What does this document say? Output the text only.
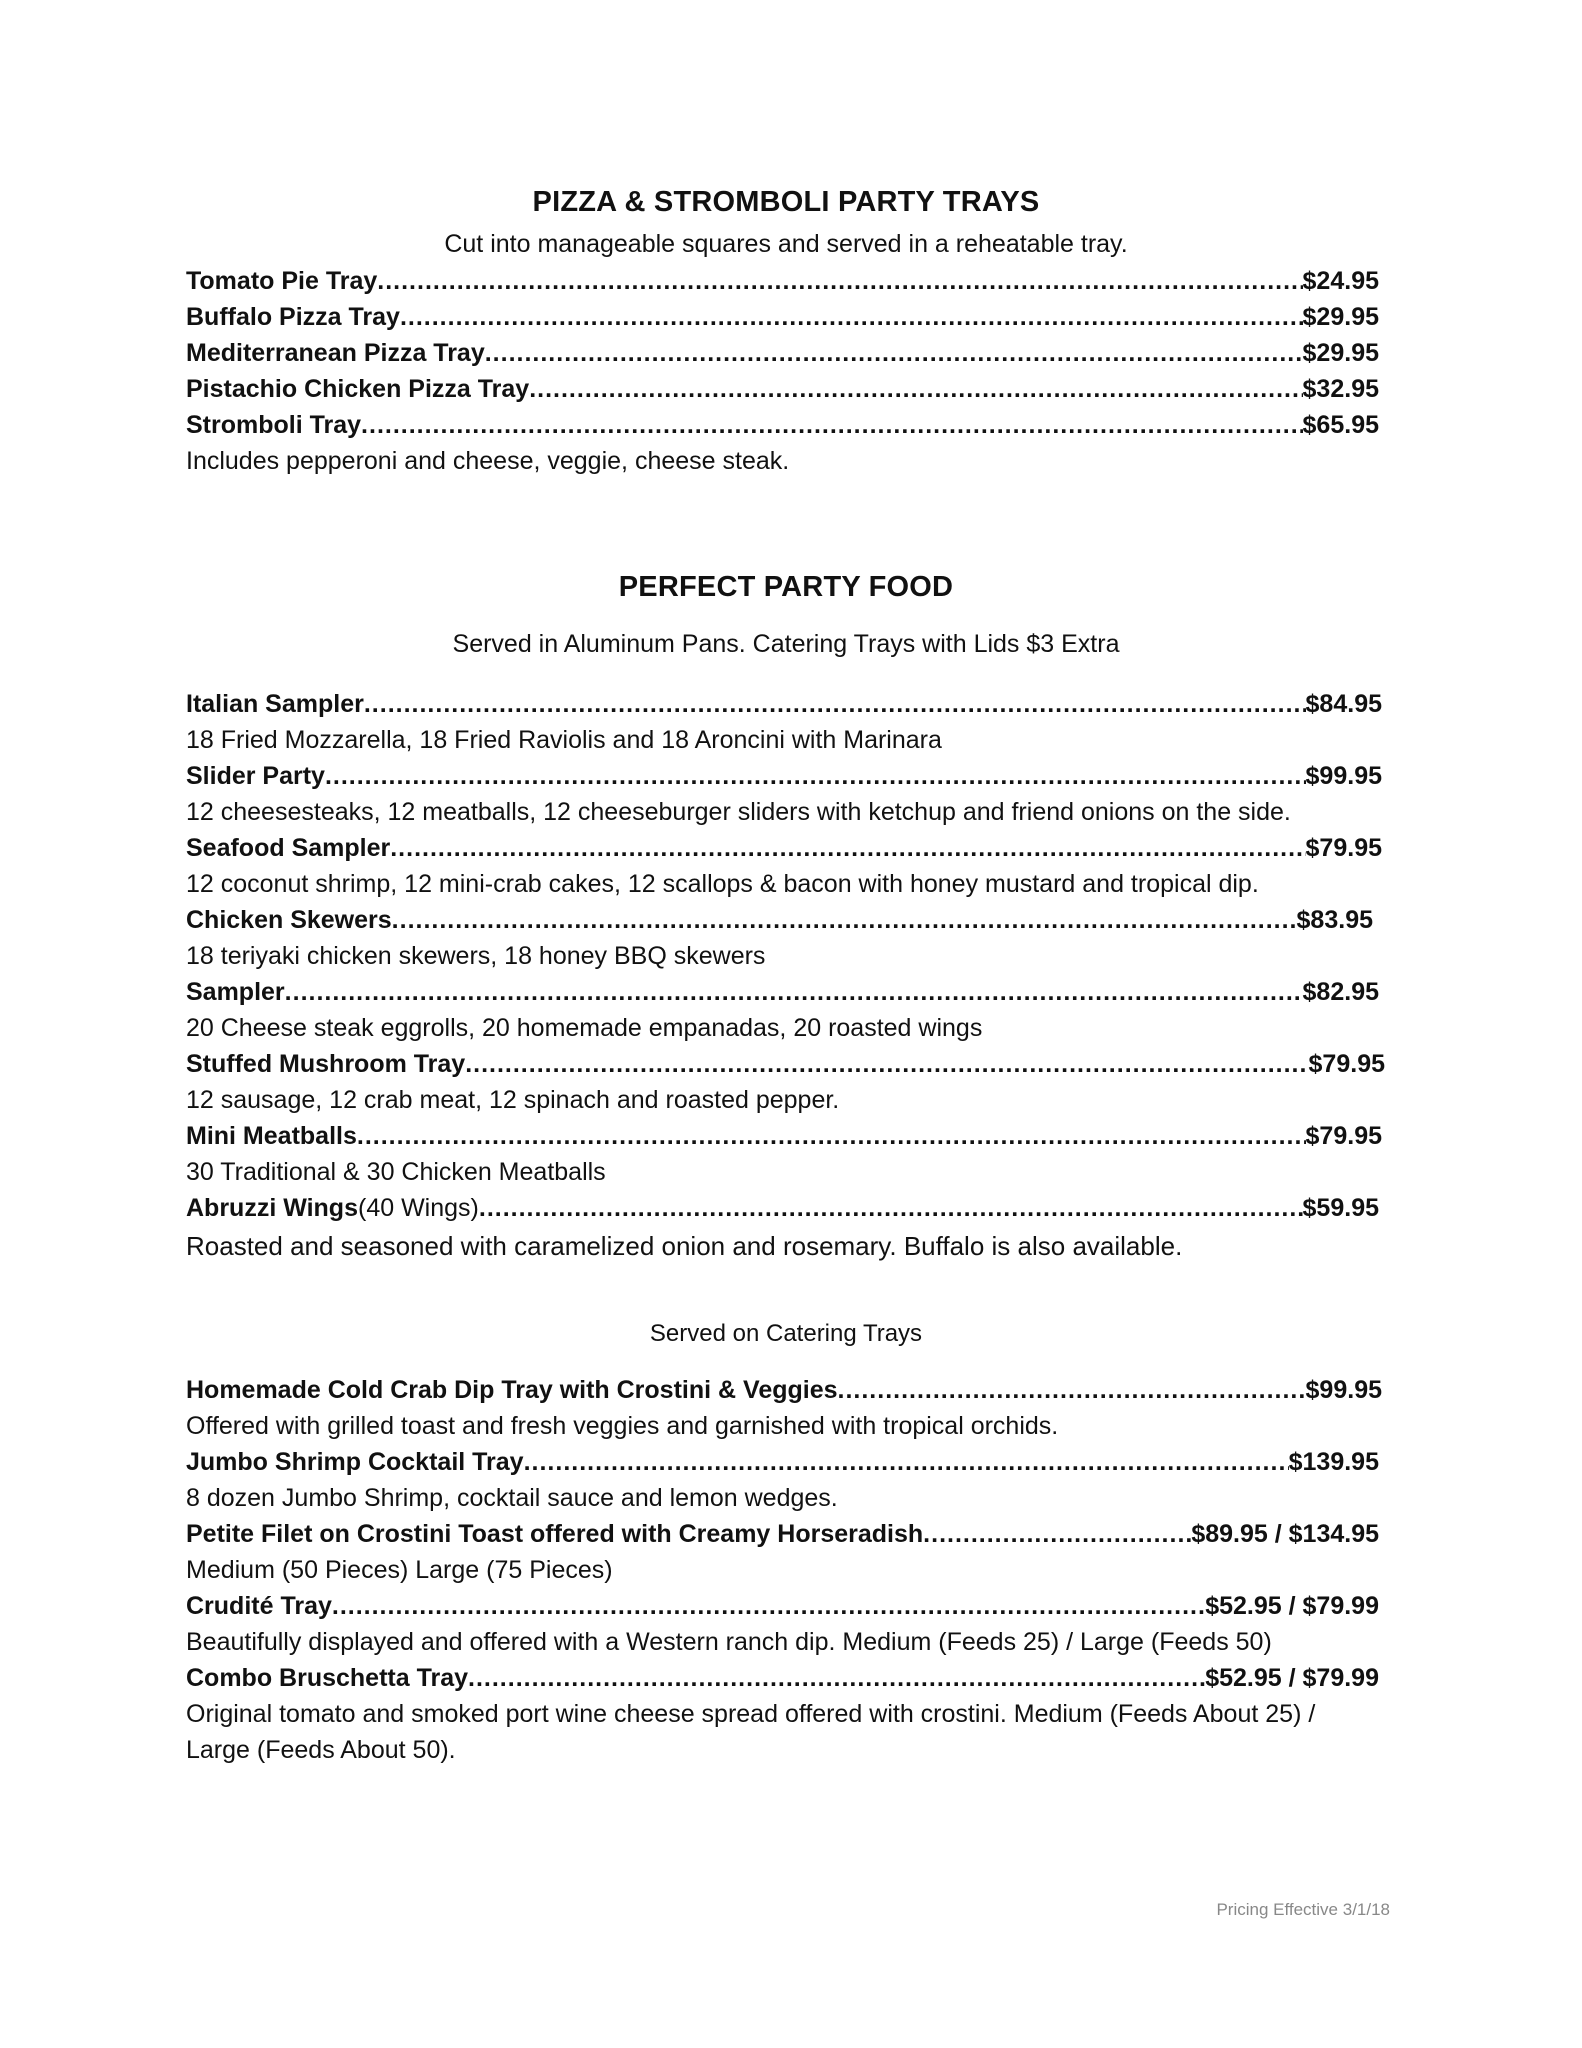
PIZZA & STROMBOLI PARTY TRAYS
Cut into manageable squares and served in a reheatable tray.
Tomato Pie Tray .....	$24.95
Buffalo Pizza Tray .....	$29.95
Mediterranean Pizza Tray .....	$29.95
Pistachio Chicken Pizza Tray .....	$32.95
Stromboli Tray .....	$65.95
Includes pepperoni and cheese, veggie, cheese steak.
PERFECT PARTY FOOD
Served in Aluminum Pans. Catering Trays with Lids $3 Extra
Italian Sampler .....	$84.95
18 Fried Mozzarella, 18 Fried Raviolis and 18 Aroncini with Marinara
Slider Party .....	$99.95
12 cheesesteaks, 12 meatballs, 12 cheeseburger sliders with ketchup and friend onions on the side.
Seafood Sampler .....	$79.95
12 coconut shrimp, 12 mini-crab cakes, 12 scallops & bacon with honey mustard and tropical dip.
Chicken Skewers .....	$83.95
18 teriyaki chicken skewers, 18 honey BBQ skewers
Sampler .....	$82.95
20 Cheese steak eggrolls, 20 homemade empanadas, 20 roasted wings
Stuffed Mushroom Tray .....	$79.95
12 sausage, 12 crab meat, 12 spinach and roasted pepper.
Mini Meatballs .....	$79.95
30 Traditional & 30 Chicken Meatballs
Abruzzi Wings (40 Wings) .....	$59.95
Roasted and seasoned with caramelized onion and rosemary. Buffalo is also available.
Served on Catering Trays
Homemade Cold Crab Dip Tray with Crostini & Veggies .....	$99.95
Offered with grilled toast and fresh veggies and garnished with tropical orchids.
Jumbo Shrimp Cocktail Tray .....	$139.95
8 dozen Jumbo Shrimp, cocktail sauce and lemon wedges.
Petite Filet on Crostini Toast offered with Creamy Horseradish .....	$89.95 / $134.95
Medium (50 Pieces) Large (75 Pieces)
Crudité Tray .....	$52.95 / $79.99
Beautifully displayed and offered with a Western ranch dip. Medium (Feeds 25) / Large (Feeds 50)
Combo Bruschetta Tray .....	$52.95 / $79.99
Original tomato and smoked port wine cheese spread offered with crostini. Medium (Feeds About 25) / Large (Feeds About 50).
Pricing Effective 3/1/18
